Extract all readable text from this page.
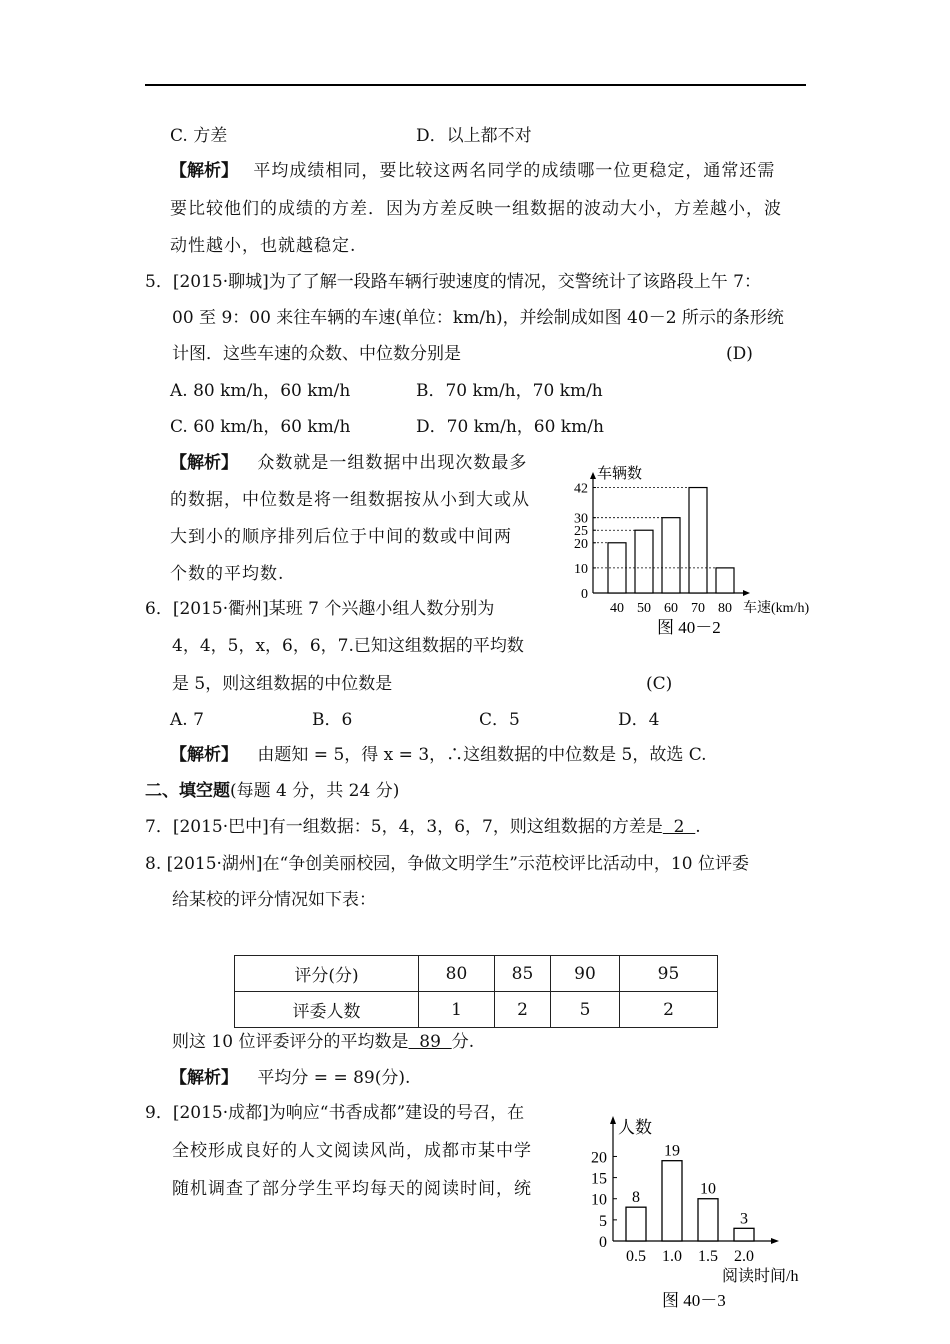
C. 方差	D．以上都不对
【解析】 平均成绩相同，要比较这两名同学的成绩哪一位更稳定，通常还需
要比较他们的成绩的方差．因为方差反映一组数据的波动大小，方差越小，波
动性越小，也就越稳定.
5．[2015·聊城]为了了解一段路车辆行驶速度的情况，交警统计了该路段上午 7：
00 至 9：00 来往车辆的车速(单位：km/h)，并绘制成如图 40－2 所示的条形统
计图．这些车速的众数、中位数分别是	(D)
A. 80 km/h，60 km/h	B．70 km/h，70 km/h
C. 60 km/h，60 km/h	D．70 km/h，60 km/h
【解析】 众数就是一组数据中出现次数最多
的数据，中位数是将一组数据按从小到大或从
大到小的顺序排列后位于中间的数或中间两
个数的平均数.
0
10
20
25
30
42
40 50 60 70 80
车辆数
车速(km/h)
图 40－2
6．[2015·衢州]某班 7 个兴趣小组人数分别为
4，4，5，x，6，6，7.已知这组数据的平均数
是 5，则这组数据的中位数是	(C)
A. 7	B．6	C．5	D．4
【解析】 由题知 = 5，得 x = 3，∴这组数据的中位数是 5，故选 C.
二、填空题(每题 4 分，共 24 分)
7．[2015·巴中]有一组数据：5，4，3，6，7，则这组数据的方差是  2  .
8. [2015·湖州]在“争创美丽校园，争做文明学生”示范校评比活动中，10 位评委
给某校的评分情况如下表：
评分(分)	80	85	90	95
评委人数	1	2	5	2
则这 10 位评委评分的平均数是  89  分.
【解析】 平均分 = = 89(分).
9．[2015·成都]为响应“书香成都”建设的号召，在
全校形成良好的人文阅读风尚，成都市某中学
随机调查了部分学生平均每天的阅读时间，统
0
5
10
15
20
8
0.5
19
1.0
10
1.5
3
2.0
人数
阅读时间/h
图 40－3
